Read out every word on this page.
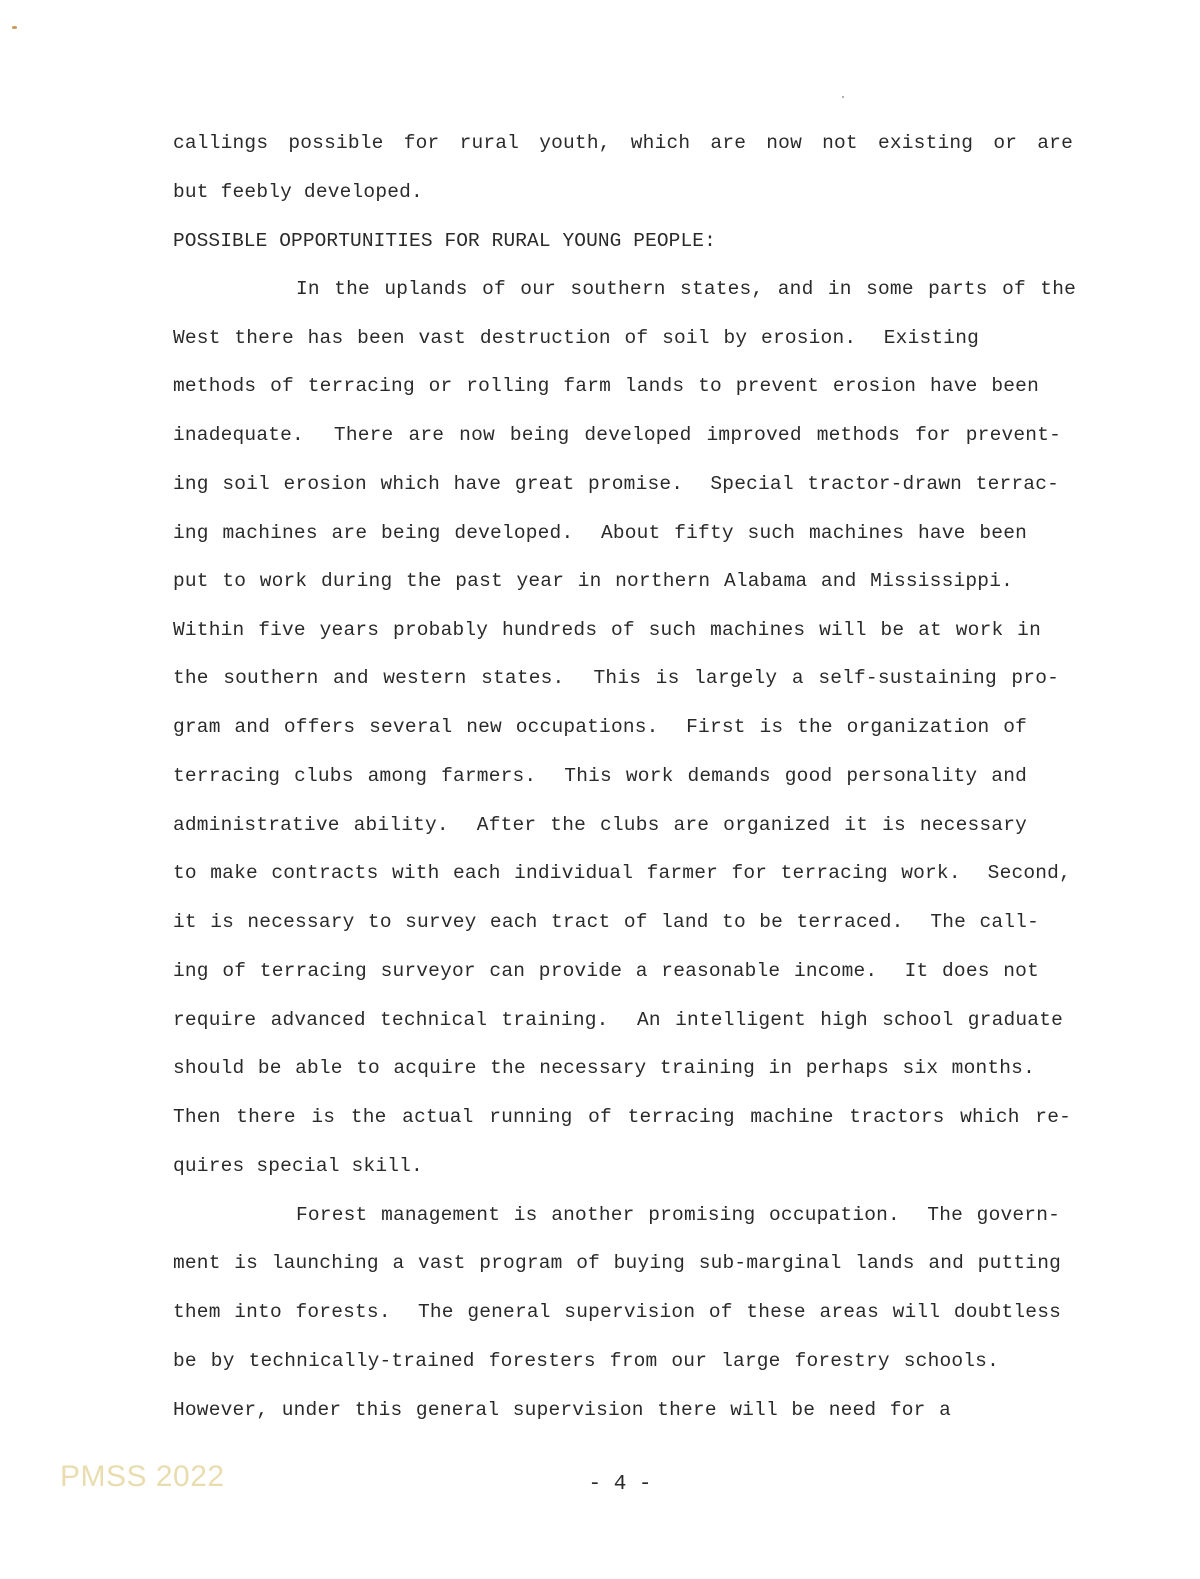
callings possible for rural youth, which are now not existing or are
but feebly developed.
POSSIBLE OPPORTUNITIES FOR RURAL YOUNG PEOPLE:
In the uplands of our southern states, and in some parts of the
West there has been vast destruction of soil by erosion.  Existing
methods of terracing or rolling farm lands to prevent erosion have been
inadequate.  There are now being developed improved methods for prevent-
ing soil erosion which have great promise.  Special tractor-drawn terrac-
ing machines are being developed.  About fifty such machines have been
put to work during the past year in northern Alabama and Mississippi.
Within five years probably hundreds of such machines will be at work in
the southern and western states.  This is largely a self-sustaining pro-
gram and offers several new occupations.  First is the organization of
terracing clubs among farmers.  This work demands good personality and
administrative ability.  After the clubs are organized it is necessary
to make contracts with each individual farmer for terracing work.  Second,
it is necessary to survey each tract of land to be terraced.  The call-
ing of terracing surveyor can provide a reasonable income.  It does not
require advanced technical training.  An intelligent high school graduate
should be able to acquire the necessary training in perhaps six months.
Then there is the actual running of terracing machine tractors which re-
quires special skill.
Forest management is another promising occupation.  The govern-
ment is launching a vast program of buying sub-marginal lands and putting
them into forests.  The general supervision of these areas will doubtless
be by technically-trained foresters from our large forestry schools.
However, under this general supervision there will be need for a
- 4 -
PMSS 2022
